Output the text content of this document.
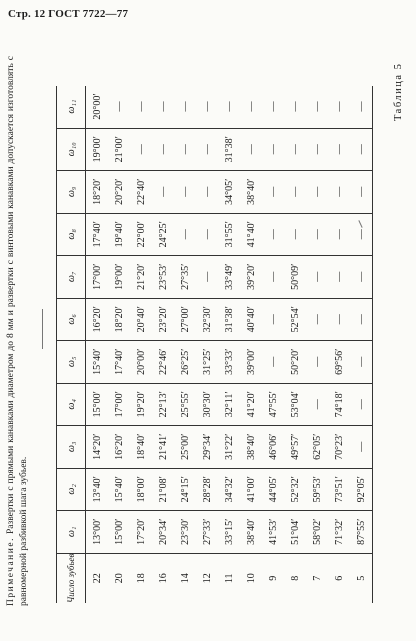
Стр. 12 ГОСТ 7722—77
Таблица 5
Число зубьев	ω₁	ω₂	ω₃	ω₄	ω₅	ω₆	ω₇	ω₈	ω₉	ω₁₀	ω₁₁
22	13°00′	13°40′	14°20′	15°00′	15°40′	16°20′	17°00′	17°40′	18°20′	19°00′	20°00′
20	15°00′	15°40′	16°20′	17°00′	17°40′	18°20′	19°00′	19°40′	20°20′	21°00′	—
18	17°20′	18°00′	18°40′	19°20′	20°00′	20°40′	21°20′	22°00′	22°40′	—	—
16	20°34′	21°08′	21°41′	22°13′	22°46′	23°20′	23°53′	24°25′	—	—	—
14	23°30′	24°15′	25°00′	25°55′	26°25′	27°00′	27°35′	—	—	—	—
12	27°33′	28°28′	29°34′	30°30′	31°25′	32°30′	—	—	—	—	—
11	33°15′	34°32′	31°22′	32°11′	33°33′	31°38′	33°49′	31°55′	34°05′	31°38′	—
10	38°40′	41°00′	38°40′	41°20′	39°00′	40°40′	39°20′	41°40′	38°40′	—	—
9	41°53′	44°05′	46°06′	47°55′	—	—	—	—	—	—	—
8	51°04′	52°32′	49°57′	53°04′	50°20′	52°54′	50°09′	—	—	—	—
7	58°02′	59°53′	62°05′	—	—	—	—	—	—	—	—
6	71°32′	73°51′	70°23′	74°18′	69°56′	—	—	—	—	—	—
5	87°55′	92°05′	—	—	—	—	—	—	—	—	—
Примечание. Развертки с прямыми канавками диаметром до 8 мм и развертки с винтовыми канавками допускается изготовлять с равномерной разбивкой шага зубьев.
